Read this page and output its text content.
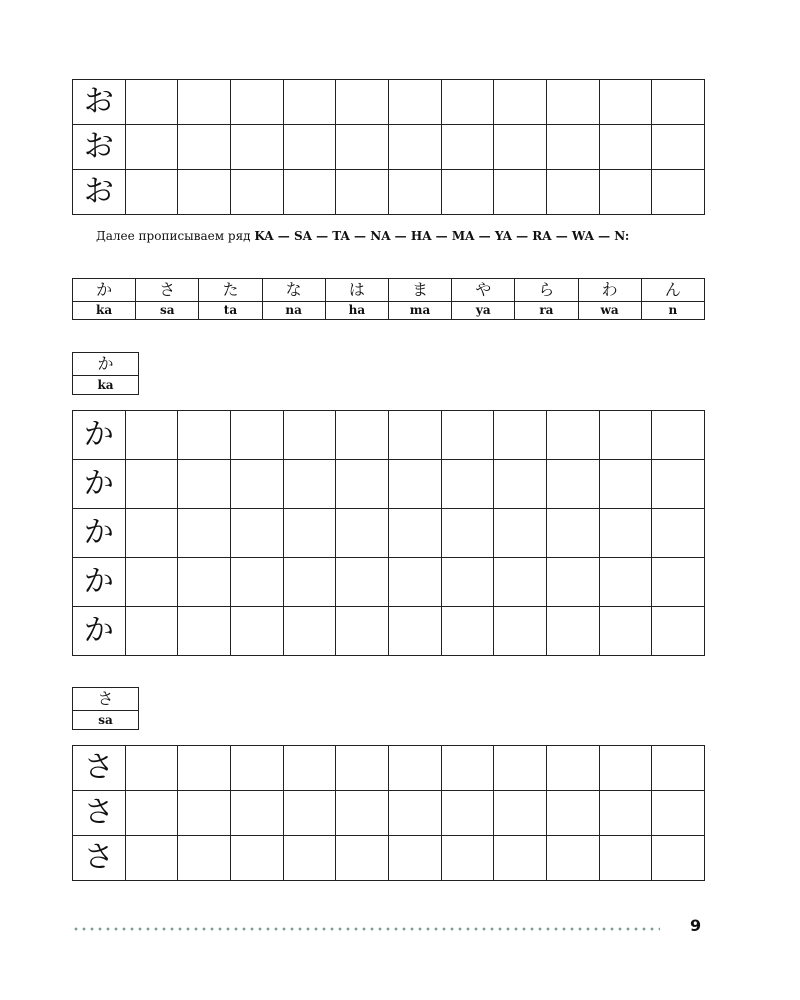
お											
お											
お											

Далее прописываем ряд KA — SA — TA — NA — HA — MA — YA — RA — WA — N:

か	さ	た	な	は	ま	や	ら	わ	ん
ka	sa	ta	na	ha	ma	ya	ra	wa	n
か
ka
か											
か											
か											
か											
か											
さ
sa
さ											
さ											
さ											
9
